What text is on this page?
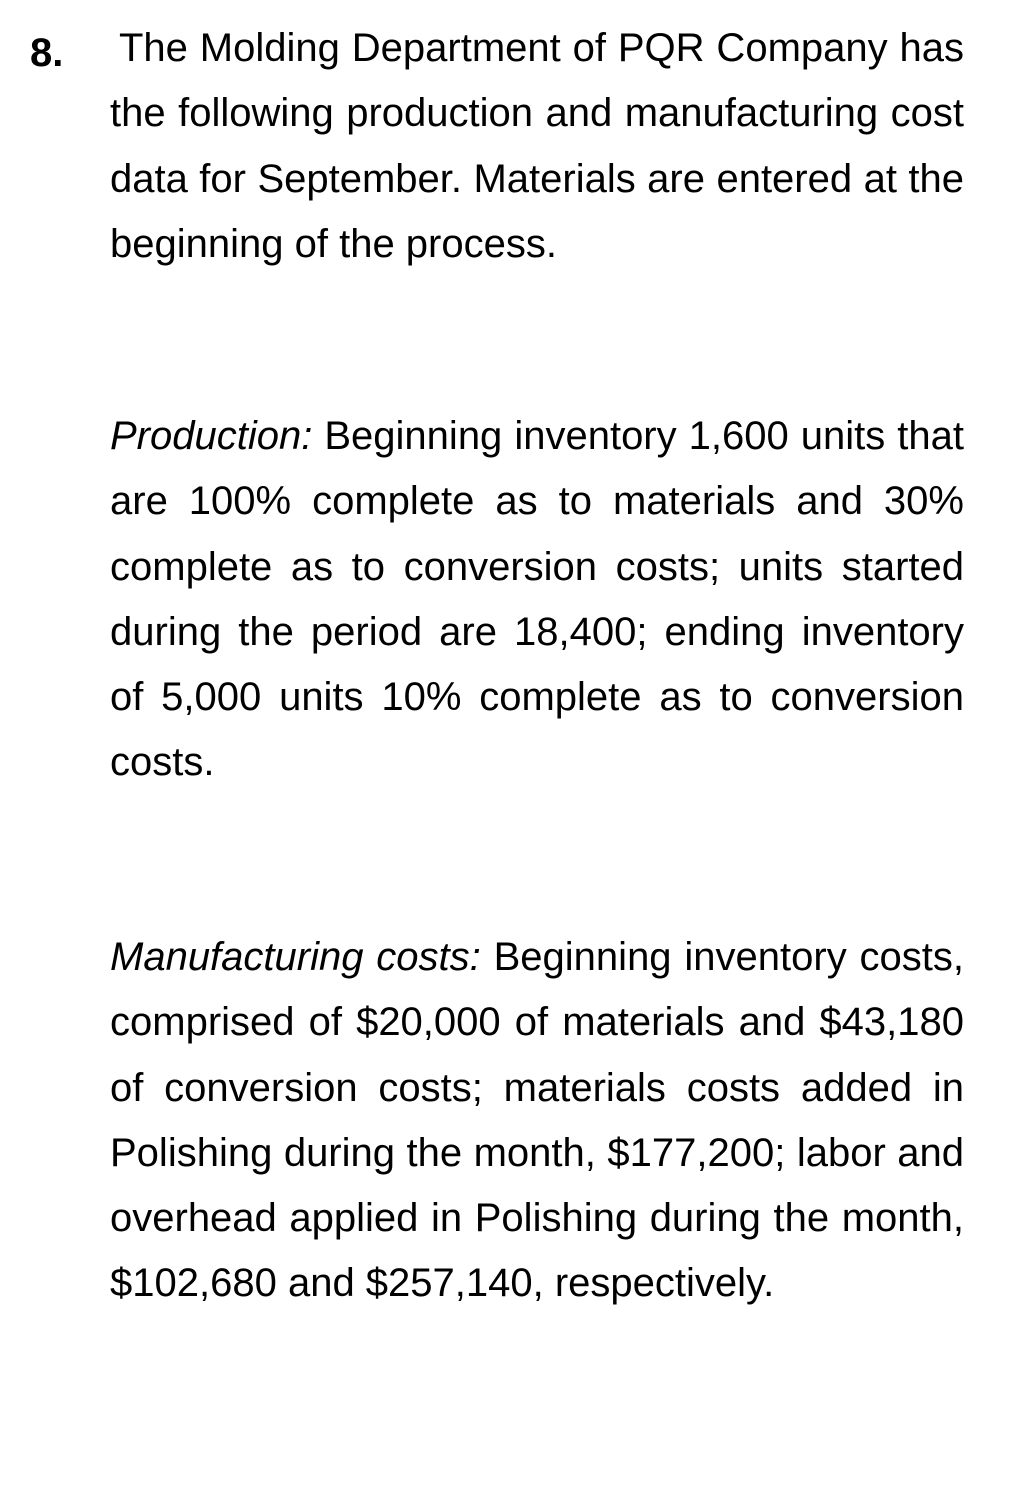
8. The Molding Department of PQR Company has the following production and manufacturing cost data for September. Materials are entered at the beginning of the process.

Production: Beginning inventory 1,600 units that are 100% complete as to materials and 30% complete as to conversion costs; units started during the period are 18,400; ending inventory of 5,000 units 10% complete as to conversion costs.

Manufacturing costs: Beginning inventory costs, comprised of $20,000 of materials and $43,180 of conversion costs; materials costs added in Polishing during the month, $177,200; labor and overhead applied in Polishing during the month, $102,680 and $257,140, respectively.
